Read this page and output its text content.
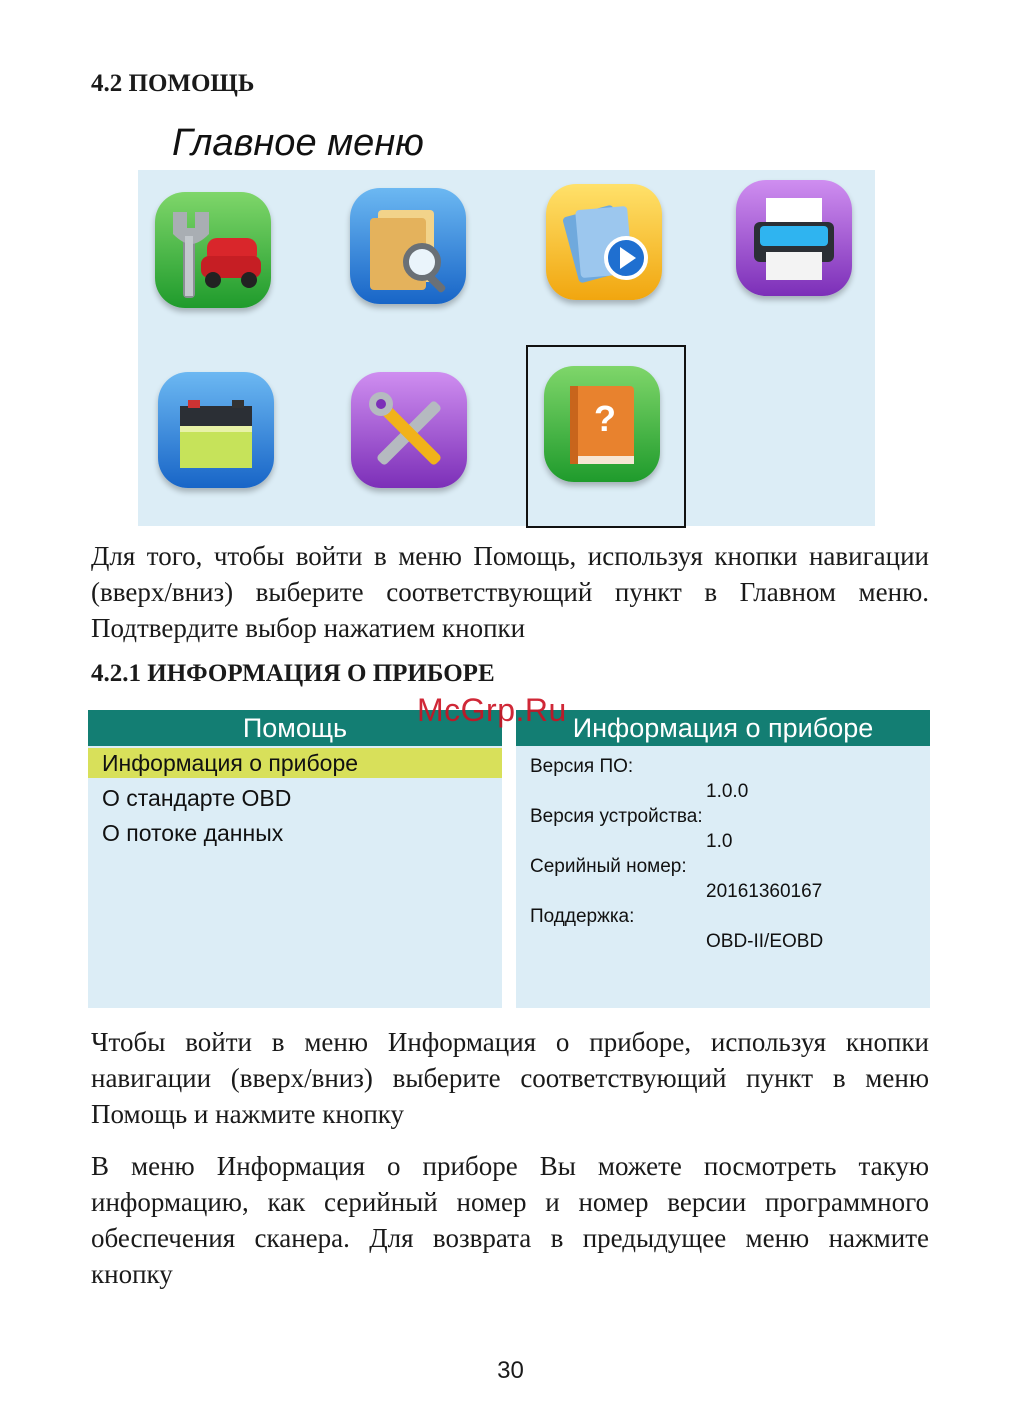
4.2 ПОМОЩЬ
Главное меню
?

Для того, чтобы войти в меню Помощь, используя кнопки навигации (вверх/вниз) выберите соответствующий пункт в Главном меню. Подтвердите выбор нажатием кнопки

4.2.1 ИНФОРМАЦИЯ О ПРИБОРЕ
Помощь
Информация о приборе
О стандарте OBD
О потоке данных
Информация о приборе
Версия ПО:
1.0.0
Версия устройства:
1.0
Серийный номер:
20161360167
Поддержка:
OBD-II/EOBD
McGrp.Ru

Чтобы войти в меню Информация о приборе, используя кнопки навигации (вверх/вниз) выберите соответствующий пункт в меню Помощь и нажмите кнопку

В меню Информация о приборе Вы можете посмотреть такую информацию, как серийный номер и номер версии программного обеспечения сканера. Для возврата в предыдущее меню нажмите кнопку

30
